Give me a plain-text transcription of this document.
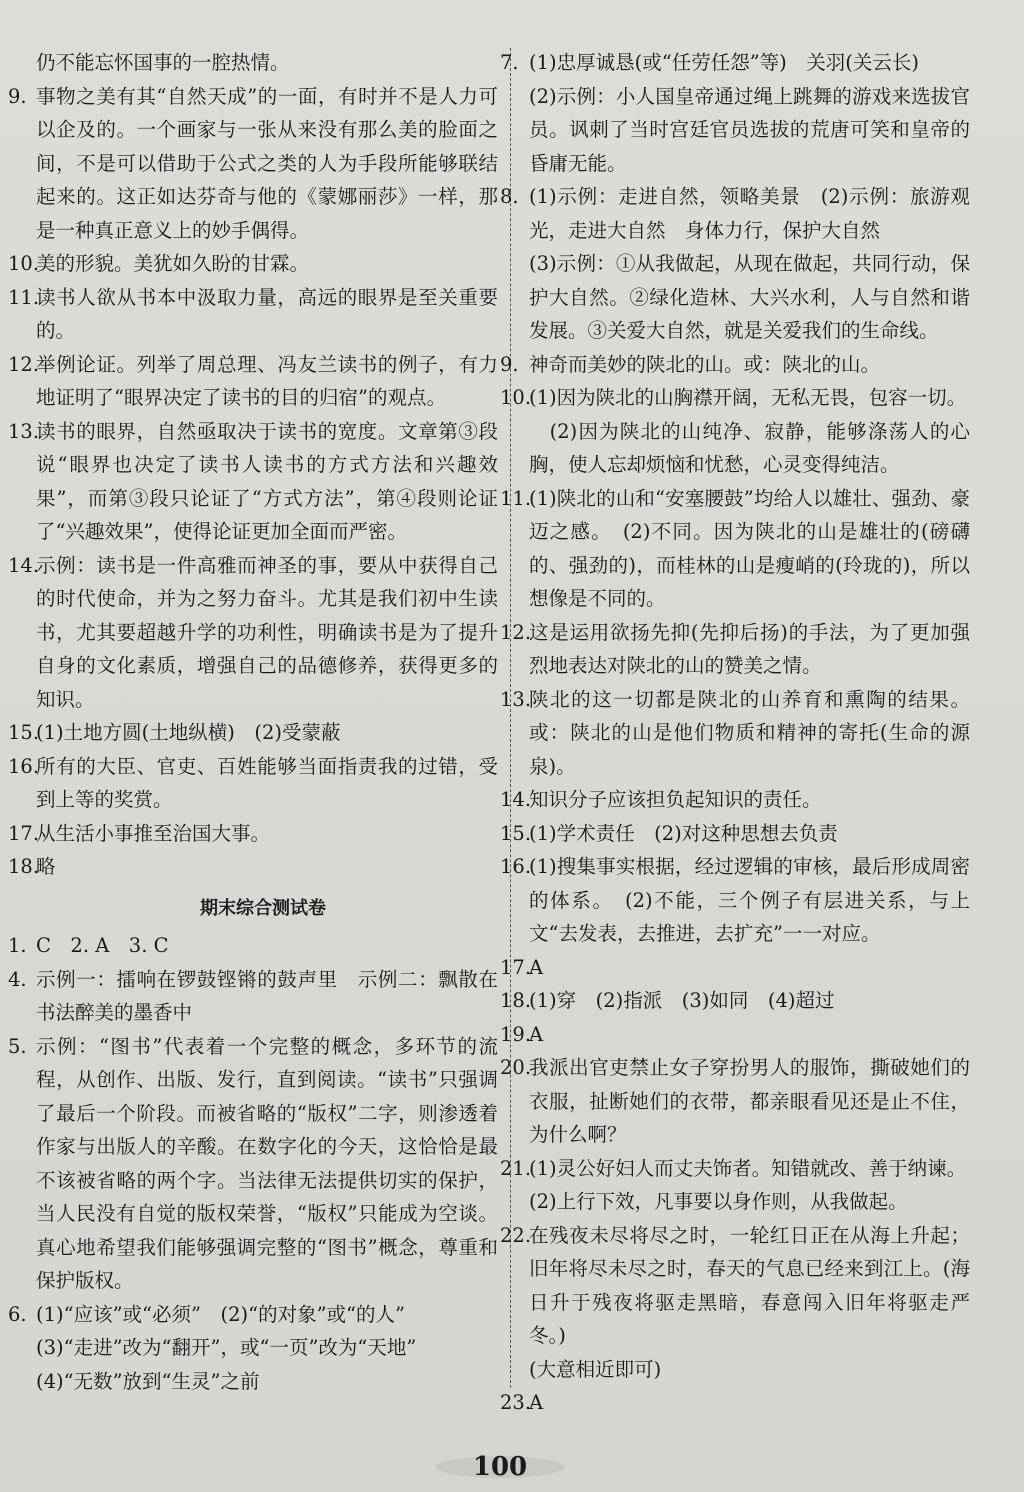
仍不能忘怀国事的一腔热情。
9. 事物之美有其“自然天成”的一面，有时并不是人力可以企及的。一个画家与一张从来没有那么美的脸面之间，不是可以借助于公式之类的人为手段所能够联结起来的。这正如达芬奇与他的《蒙娜丽莎》一样，那是一种真正意义上的妙手偶得。
10.
美的形貌。美犹如久盼的甘霖。
11.
读书人欲从书本中汲取力量，高远的眼界是至关重要的。
12.
举例论证。列举了周总理、冯友兰读书的例子，有力地证明了“眼界决定了读书的目的归宿”的观点。
13.
读书的眼界，自然亟取决于读书的宽度。文章第③段说“眼界也决定了读书人读书的方式方法和兴趣效果”，而第③段只论证了“方式方法”，第④段则论证了“兴趣效果”，使得论证更加全面而严密。
14.
示例：读书是一件高雅而神圣的事，要从中获得自己的时代使命，并为之努力奋斗。尤其是我们初中生读书，尤其要超越升学的功利性，明确读书是为了提升自身的文化素质，增强自己的品德修养，获得更多的知识。
15.
(1)土地方圆(土地纵横)　(2)受蒙蔽
16.
所有的大臣、官吏、百姓能够当面指责我的过错，受到上等的奖赏。
17.
从生活小事推至治国大事。
18.
略
期末综合测试卷
1. C　2. A　3. C
4. 示例一：擂响在锣鼓铿锵的鼓声里　示例二：飘散在书法醉美的墨香中
5. 示例：“图书”代表着一个完整的概念，多环节的流程，从创作、出版、发行，直到阅读。“读书”只强调了最后一个阶段。而被省略的“版权”二字，则渗透着作家与出版人的辛酸。在数字化的今天，这恰恰是最不该被省略的两个字。当法律无法提供切实的保护，当人民没有自觉的版权荣誉，“版权”只能成为空谈。真心地希望我们能够强调完整的“图书”概念，尊重和保护版权。
6. (1)“应该”或“必须”　(2)“的对象”或“的人”
(3)“走进”改为“翻开”，或“一页”改为“天地”
(4)“无数”放到“生灵”之前
7. (1)忠厚诚恳(或“任劳任怨”等)　关羽(关云长)
(2)示例：小人国皇帝通过绳上跳舞的游戏来选拔官员。讽刺了当时宫廷官员选拔的荒唐可笑和皇帝的昏庸无能。
8. (1)示例：走进自然，领略美景　(2)示例：旅游观光，走进大自然　身体力行，保护大自然
(3)示例：①从我做起，从现在做起，共同行动，保护大自然。②绿化造林、大兴水利，人与自然和谐发展。③关爱大自然，就是关爱我们的生命线。
9. 神奇而美妙的陕北的山。或：陕北的山。
10.
(1)因为陕北的山胸襟开阔，无私无畏，包容一切。
　(2)因为陕北的山纯净、寂静，能够涤荡人的心胸，使人忘却烦恼和忧愁，心灵变得纯洁。
11.
(1)陕北的山和“安塞腰鼓”均给人以雄壮、强劲、豪迈之感。　(2)不同。因为陕北的山是雄壮的(磅礴的、强劲的)，而桂林的山是瘦峭的(玲珑的)，所以想像是不同的。
12.
这是运用欲扬先抑(先抑后扬)的手法，为了更加强烈地表达对陕北的山的赞美之情。
13.
陕北的这一切都是陕北的山养育和熏陶的结果。或：陕北的山是他们物质和精神的寄托(生命的源泉)。
14.
知识分子应该担负起知识的责任。
15.
(1)学术责任　(2)对这种思想去负责
16.
(1)搜集事实根据，经过逻辑的审核，最后形成周密的体系。　(2)不能，三个例子有层进关系，与上文“去发表，去推进，去扩充”一一对应。
17.
A
18.
(1)穿　(2)指派　(3)如同　(4)超过
19.
A
20.
我派出官吏禁止女子穿扮男人的服饰，撕破她们的衣服，扯断她们的衣带，都亲眼看见还是止不住，为什么啊？
21.
(1)灵公好妇人而丈夫饰者。知错就改、善于纳谏。
(2)上行下效，凡事要以身作则，从我做起。
22.
在残夜未尽将尽之时，一轮红日正在从海上升起；旧年将尽未尽之时，春天的气息已经来到江上。(海日升于残夜将驱走黑暗，春意闯入旧年将驱走严冬。)
(大意相近即可)
23.
A
100
